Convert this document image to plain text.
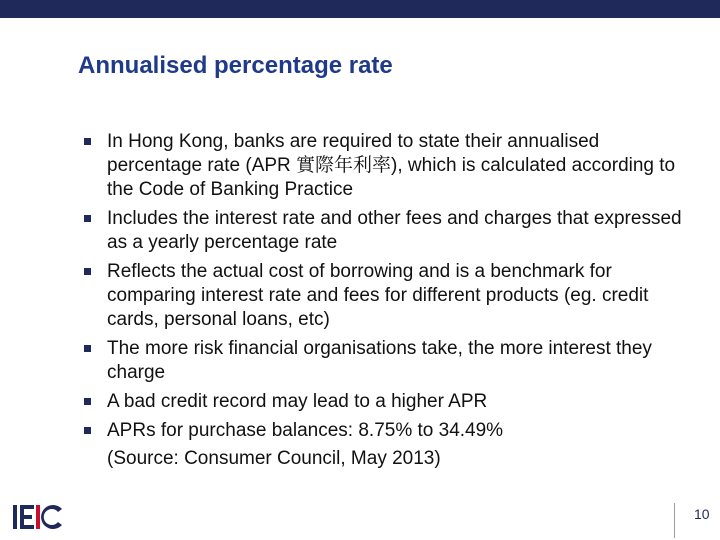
Annualised percentage rate
In Hong Kong, banks are required to state their annualised percentage rate (APR 實際年利率), which is calculated according to the Code of Banking Practice
Includes the interest rate and other fees and charges that expressed as a yearly percentage rate
Reflects the actual cost of borrowing and is a benchmark for comparing interest rate and fees for different products (eg. credit cards, personal loans, etc)
The more risk financial organisations take, the more interest they charge
A bad credit record may lead to a higher APR
APRs for purchase balances: 8.75% to 34.49%
(Source: Consumer Council, May 2013)
10
